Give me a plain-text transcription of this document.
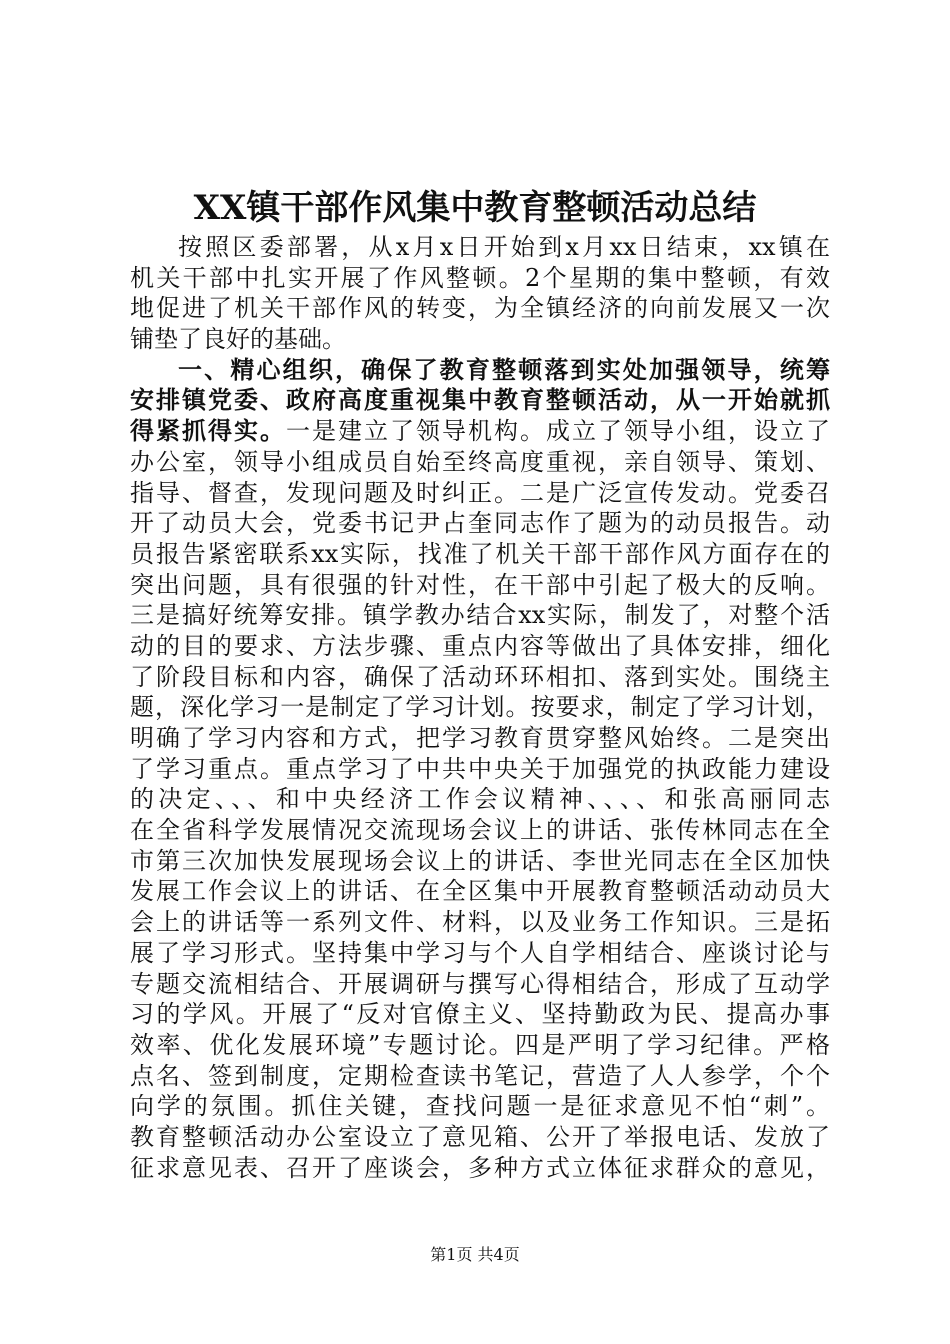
XX镇干部作风集中教育整顿活动总结
按照区委部署，从x月x日开始到x月xx日结束，xx镇在
机关干部中扎实开展了作风整顿。2个星期的集中整顿，有效
地促进了机关干部作风的转变，为全镇经济的向前发展又一次
铺垫了良好的基础。
一、精心组织，确保了教育整顿落到实处加强领导，统筹
安排镇党委、政府高度重视集中教育整顿活动，从一开始就抓
得紧抓得实。一是建立了领导机构。成立了领导小组，设立了
办公室，领导小组成员自始至终高度重视，亲自领导、策划、
指导、督查，发现问题及时纠正。二是广泛宣传发动。党委召
开了动员大会，党委书记尹占奎同志作了题为的动员报告。动
员报告紧密联系xx实际，找准了机关干部干部作风方面存在的
突出问题，具有很强的针对性，在干部中引起了极大的反响。
三是搞好统筹安排。镇学教办结合xx实际，制发了，对整个活
动的目的要求、方法步骤、重点内容等做出了具体安排，细化
了阶段目标和内容，确保了活动环环相扣、落到实处。围绕主
题，深化学习一是制定了学习计划。按要求，制定了学习计划，
明确了学习内容和方式，把学习教育贯穿整风始终。二是突出
了学习重点。重点学习了中共中央关于加强党的执政能力建设
的决定、、、和中央经济工作会议精神、、、、和张高丽同志
在全省科学发展情况交流现场会议上的讲话、张传林同志在全
市第三次加快发展现场会议上的讲话、李世光同志在全区加快
发展工作会议上的讲话、在全区集中开展教育整顿活动动员大
会上的讲话等一系列文件、材料，以及业务工作知识。三是拓
展了学习形式。坚持集中学习与个人自学相结合、座谈讨论与
专题交流相结合、开展调研与撰写心得相结合，形成了互动学
习的学风。开展了“反对官僚主义、坚持勤政为民、提高办事
效率、优化发展环境”专题讨论。四是严明了学习纪律。严格
点名、签到制度，定期检查读书笔记，营造了人人参学，个个
向学的氛围。抓住关键，查找问题一是征求意见不怕“刺”。
教育整顿活动办公室设立了意见箱、公开了举报电话、发放了
征求意见表、召开了座谈会，多种方式立体征求群众的意见，
第1页 共4页
